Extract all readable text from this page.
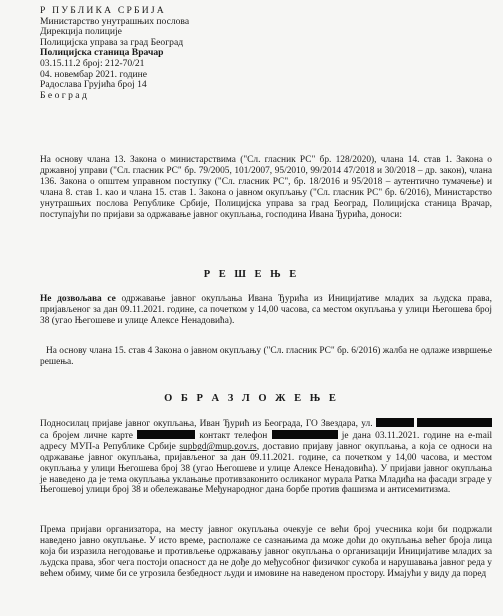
Р ПУБЛИКА СРБИЈА
Министарство унутрашњих послова
Дирекција полиције
Полицијска управа за град Београд
Полицијска станица Врачар
03.15.11.2 број: 212-70/21
04. новембар 2021. године
Радослава Грујића број 14
Б е о г р а д
На основу члана 13. Закона о министарствима ("Сл. гласник РС" бр. 128/2020), члана 14. став 1. Закона о државној управи ("Сл. гласник РС" бр. 79/2005, 101/2007, 95/2010, 99/2014 47/2018 и 30/2018 – др. закон), члана 136. Закона о општем управном поступку ("Сл. гласник РС", бр. 18/2016 и 95/2018 – аутентично тумачење) и члана 8. став 1. као и члана 15. став 1. Закона о јавном окупљању ("Сл. гласник РС" бр. 6/2016), Министарство унутрашњих послова Републике Србије, Полицијска управа за град Београд, Полицијска станица Врачар, поступајући по пријави за одржавање јавног окупљања, господина Ивана Ђурића, доноси:
Р Е Ш Е Њ Е
Не дозвољава се одржавање јавног окупљања Ивана Ђурића из Иницијативе младих за људска права, пријављеног за дан 09.11.2021. године, са почетком у 14,00 часова, са местом окупљања у улици Његошева број 38 (угао Његошеве и улице Алексе Ненадовића).
На основу члана 15. став 4 Закона о јавном окупљању ("Сл. гласник РС" бр. 6/2016) жалба не одлаже извршење решења.
О Б Р А З Л О Ж Е Њ Е
Подносилац пријаве јавног окупљања, Иван Ђурић из Београда, ГО Звездара, ул.   са бројем личне карте	контакт телефон	је дана 03.11.2021. године на e-mail адресу МУП-а Републике Србије supbgd@mup.gov.rs, доставио пријаву јавног окупљања, а која се односи на одржавање јавног окупљања, пријављеног за дан 09.11.2021. године, са почетком у 14,00 часова, и местом окупљања у улици Његошева број 38 (угао Његошеве и улице Алексе Ненадовића). У пријави јавног окупљања је наведено да је тема окупљања уклањање противзаконито осликаног мурала Ратка Младића на фасади зграде у Његошевој улици број 38 и обележавање Међународног дана борбе против фашизма и антисемитизма.
Према пријави организатора, на месту јавног окупљања очекује се већи број учесника који би подржали наведено јавно окупљање. У исто време, располаже се сазнањима да може доћи до окупљања већег броја лица која би изразила негодовање и противљење одржавању јавног окупљања о организацији Иницијативе младих за људска права, због чега постоји опасност да не дође до међусобног физичког сукоба и нарушавања јавног реда у већем обиму, чиме би се угрозила безбедност људи и имовине на наведеном простору. Имајући у виду да поред
